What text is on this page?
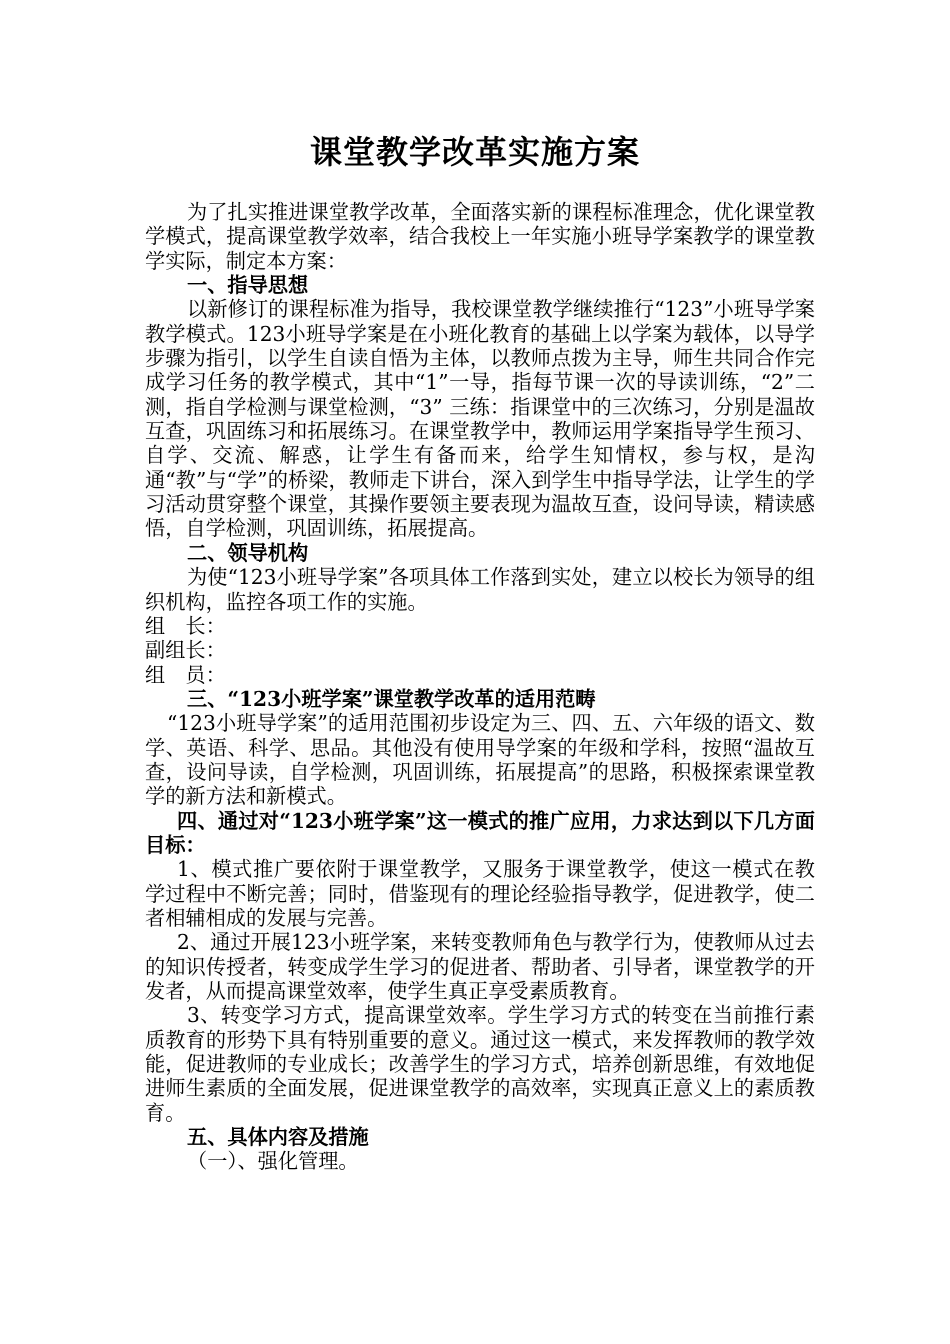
课堂教学改革实施方案

为了扎实推进课堂教学改革，全面落实新的课程标准理念，优化课堂教学模式，提高课堂教学效率，结合我校上一年实施小班导学案教学的课堂教学实际，制定本方案：

一、指导思想

以新修订的课程标准为指导，我校课堂教学继续推行“123”小班导学案教学模式。123小班导学案是在小班化教育的基础上以学案为载体，以导学步骤为指引，以学生自读自悟为主体，以教师点拨为主导，师生共同合作完成学习任务的教学模式，其中“1”一导，指每节课一次的导读训练，“2”二测，指自学检测与课堂检测，“3” 三练：指课堂中的三次练习，分别是温故互查，巩固练习和拓展练习。在课堂教学中，教师运用学案指导学生预习、自学、交流、解惑，让学生有备而来，给学生知情权，参与权，是沟通“教”与“学”的桥梁，教师走下讲台，深入到学生中指导学法，让学生的学习活动贯穿整个课堂，其操作要领主要表现为温故互查，设问导读，精读感悟，自学检测，巩固训练，拓展提高。

二、领导机构

为使“123小班导学案”各项具体工作落到实处，建立以校长为领导的组织机构，监控各项工作的实施。

组　长：

副组长：

组　员：

三、“123小班学案”课堂教学改革的适用范畴

“123小班导学案”的适用范围初步设定为三、四、五、六年级的语文、数学、英语、科学、思品。其他没有使用导学案的年级和学科，按照“温故互查，设问导读，自学检测，巩固训练，拓展提高”的思路，积极探索课堂教学的新方法和新模式。

四、通过对“123小班学案”这一模式的推广应用，力求达到以下几方面目标：

1、模式推广要依附于课堂教学，又服务于课堂教学，使这一模式在教学过程中不断完善；同时，借鉴现有的理论经验指导教学，促进教学，使二者相辅相成的发展与完善。

2、通过开展123小班学案，来转变教师角色与教学行为，使教师从过去的知识传授者，转变成学生学习的促进者、帮助者、引导者，课堂教学的开发者，从而提高课堂效率，使学生真正享受素质教育。

3、转变学习方式，提高课堂效率。学生学习方式的转变在当前推行素质教育的形势下具有特别重要的意义。通过这一模式，来发挥教师的教学效能，促进教师的专业成长；改善学生的学习方式，培养创新思维，有效地促进师生素质的全面发展，促进课堂教学的高效率，实现真正意义上的素质教育。

五、具体内容及措施

（一）、强化管理。
